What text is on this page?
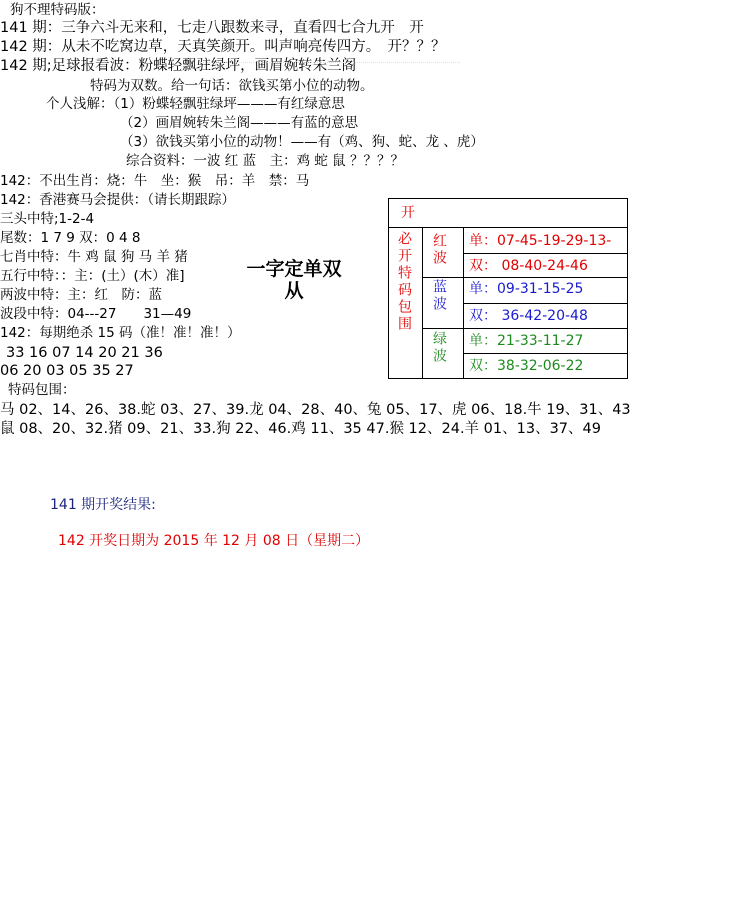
狗不理特码版：
141 期：三争六斗无来和，七走八跟数来寻，直看四七合九开　开
142 期：从未不吃窝边草，天真笑颜开。叫声响亮传四方。　开？？？
142 期;足球报看波：粉蝶轻飘驻绿坪，画眉婉转朱兰阁
特码为双数。给一句话：欲钱买第小位的动物。
个人浅解：（1）粉蝶轻飘驻绿坪———有红绿意思
（2）画眉婉转朱兰阁———有蓝的意思
（3）欲钱买第小位的动物！——有（鸡、狗、蛇、龙 、虎）
综合资料：一波 红 蓝　主：鸡 蛇 鼠 ？？？？
142：不出生肖：烧：牛　坐：猴　吊：羊　禁：马
142：香港赛马会提供：（请长期跟踪）
三头中特;1-2-4
尾数：1 7 9 双：0 4 8
七肖中特：牛 鸡 鼠 狗 马 羊 猪
五行中特：：主：(土）(木）准]
两波中特：主：红　防：蓝
波段中特：04---27　　31—49
142：每期绝杀 15 码（准！准！准！）
33 16 07 14 20 21 36
06 20 03 05 35 27
特码包围：
马 02、14、26、38.蛇 03、27、39.龙 04、28、40、兔 05、17、虎 06、18.牛 19、31、43
鼠 08、20、32.猪 09、21、33.狗 22、46.鸡 11、35 47.猴 12、24.羊 01、13、37、49
一字定单双
从
开
必开特码包围 红波
蓝波
绿波
单：07-45-19-29-13-
双： 08-40-24-46
单：09-31-15-25
双： 36-42-20-48
单：21-33-11-27
双：38-32-06-22
141 期开奖结果:
142 开奖日期为 2015 年 12 月 08 日（星期二）
